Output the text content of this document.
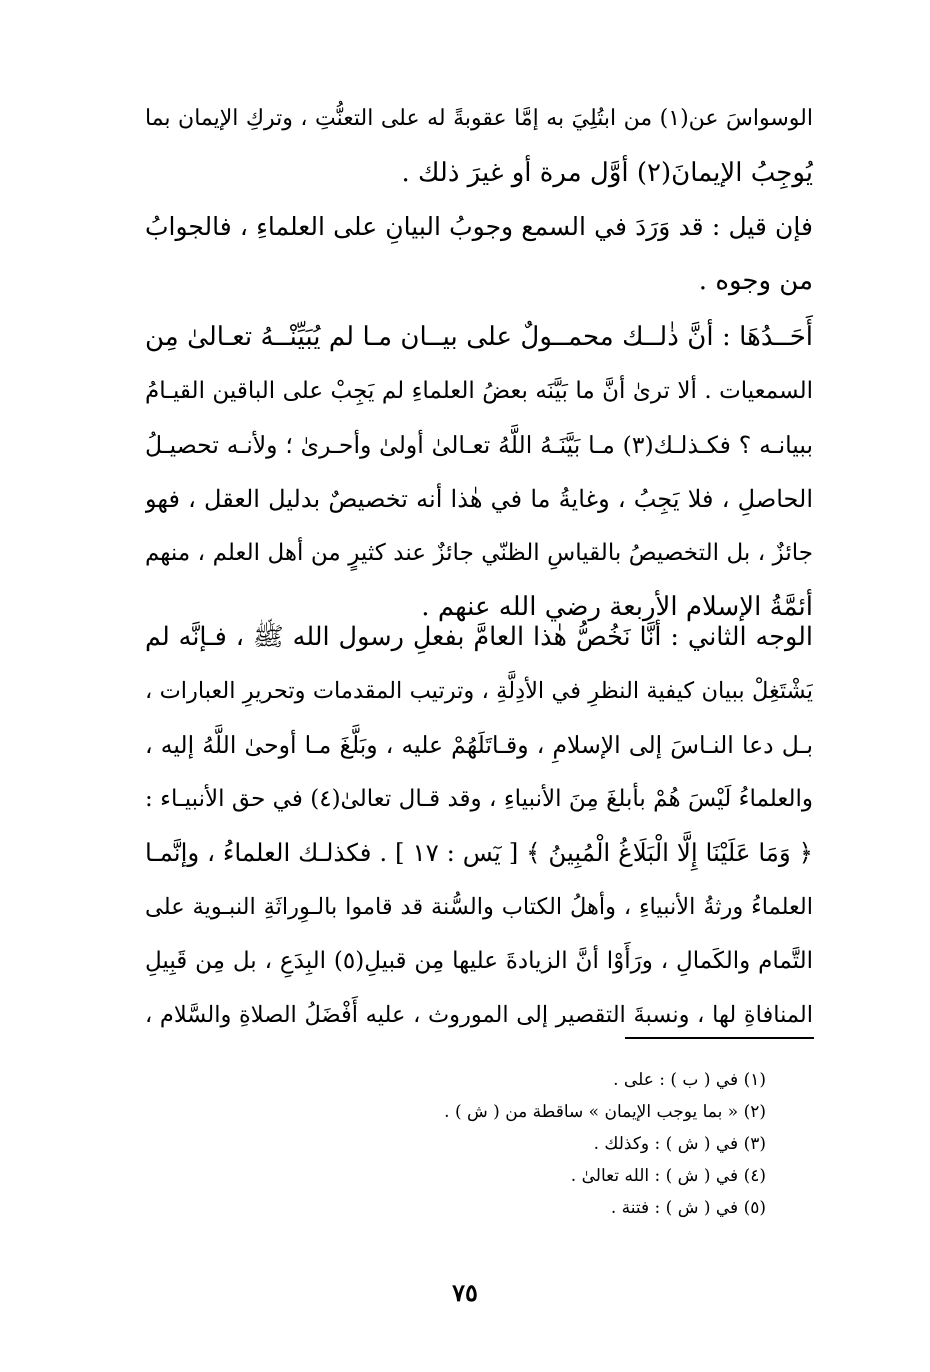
الوسواسَ عن(١) من ابتُلِيَ به إمَّا عقوبةً له على التعنُّتِ ، وتركِ الإيمان بما
يُوجِبُ الإيمانَ(٢) أوَّل مرة أو غيرَ ذلك .
فإن قيل : قد وَرَدَ في السمع وجوبُ البيانِ على العلماءِ ، فالجوابُ
من وجوه .
أَحَــدُهَا : أنَّ ذٰلــك محمــولٌ على بيــان مـا لم يُبَيِّنْــهُ تعـالىٰ مِن
السمعيات . ألا ترىٰ أنَّ ما بَيَّنَه بعضُ العلماءِ لم يَجِبْ على الباقين القيـامُ
ببيانـه ؟ فكـذلـك(٣) مـا بَيَّنَـهُ اللَّهُ تعـالىٰ أولىٰ وأحـرىٰ ؛ ولأنـه تحصيـلُ
الحاصلِ ، فلا يَجِبُ ، وغايةُ ما في هٰذا أنه تخصيصٌ بدليل العقل ، فهو
جائزٌ ، بل التخصيصُ بالقياسِ الظنّي جائزٌ عند كثيرٍ من أهل العلم ، منهم
أئمَّةُ الإسلام الأربعة رضي الله عنهم .
الوجه الثاني : أنَّا نَخُصُّ هٰذا العامَّ بفعلِ رسول الله ﷺ ، فـإنَّه لم
يَشْتَغِلْ ببيان كيفية النظرِ في الأدِلَّةِ ، وترتيب المقدمات وتحريرِ العبارات ،
بـل دعا النـاسَ إلى الإسلامِ ، وقـاتَلَهُمْ عليه ، وبَلَّغَ مـا أوحىٰ اللَّهُ إليه ،
والعلماءُ لَيْسَ هُمْ بأبلغَ مِنَ الأنبياءِ ، وقد قـال تعالىٰ(٤) في حق الأنبيـاء :
﴿ وَمَا عَلَيْنَا إِلَّا الْبَلَاغُ الْمُبِينُ ﴾ [ يٓس : ١٧ ] . فكذلـك العلماءُ ، وإنَّمـا
العلماءُ ورثةُ الأنبياءِ ، وأهلُ الكتاب والسُّنة قد قاموا بالـوِراثَةِ النبـوية على
التَّمام والكَمالِ ، ورَأَوْا أنَّ الزيادةَ عليها مِن قبيلِ(٥) البِدَعِ ، بل مِن قَبِيلِ
المنافاةِ لها ، ونسبةَ التقصير إلى الموروث ، عليه أَفْضَلُ الصلاةِ والسَّلام ،
(١) في ( ب ) : على .
(٢) « بما يوجب الإيمان » ساقطة من ( ش ) .
(٣) في ( ش ) : وكذلك .
(٤) في ( ش ) : الله تعالىٰ .
(٥) في ( ش ) : فتنة .
٧٥
